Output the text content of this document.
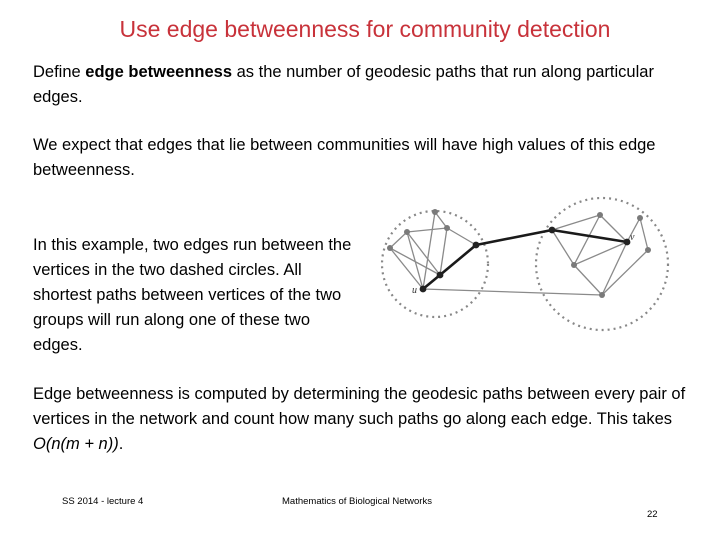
Use edge betweenness for community detection

Define edge betweenness as the number of geodesic paths that run along particular edges.

We expect that edges that lie between communities will have high values of this edge betweenness.

In this example, two edges run between the vertices in the two dashed circles. All shortest paths between vertices of the two groups will run along one of these two edges.

u
v

Edge betweenness is computed by determining the geodesic paths between every pair of vertices in the network and count how many such paths go along each edge. This takes O(n(m + n)).

SS 2014 - lecture 4	Mathematics of Biological Networks
22
